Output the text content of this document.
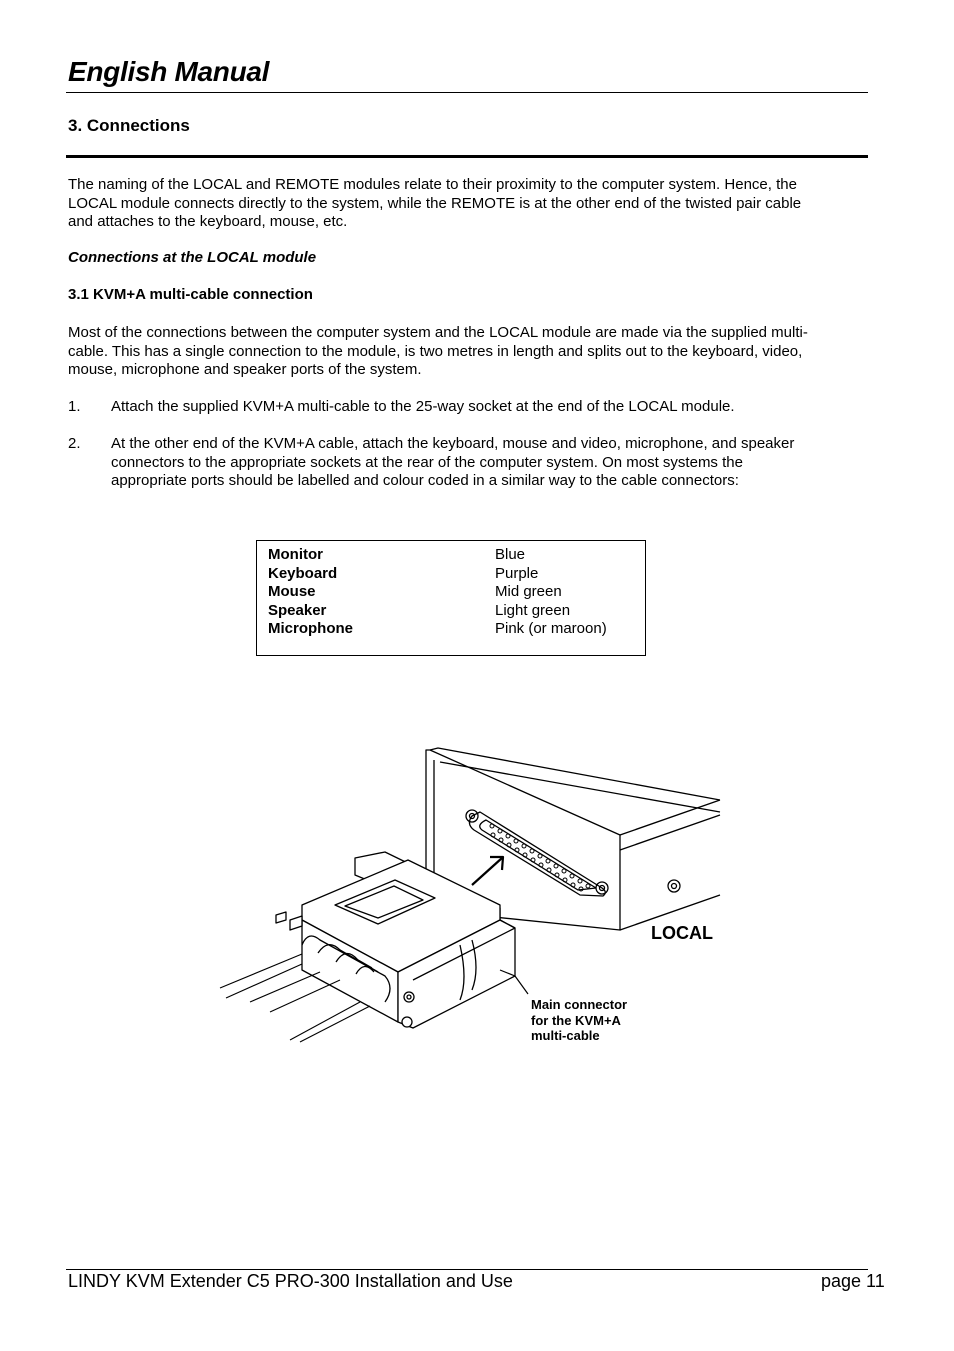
English Manual
3. Connections
The naming of the LOCAL and REMOTE modules relate to their proximity to the computer system. Hence, the
LOCAL module connects directly to the system, while the REMOTE is at the other end of the twisted pair cable
and attaches to the keyboard, mouse, etc.
Connections at the LOCAL module
3.1 KVM+A multi-cable connection
Most of the connections between the computer system and the LOCAL module are made via the supplied multi-
cable. This has a single connection to the module, is two metres in length and splits out to the keyboard, video,
mouse, microphone and speaker ports of the system.
1. Attach the supplied KVM+A multi-cable to the 25-way socket at the end of the LOCAL module.
2. At the other end of the KVM+A cable, attach the keyboard, mouse and video, microphone, and speaker
connectors to the appropriate sockets at the rear of the computer system. On most systems the
appropriate ports should be labelled and colour coded in a similar way to the cable connectors:
Monitor	Blue
Keyboard	Purple
Mouse	Mid green
Speaker	Light green
Microphone	Pink (or maroon)
LOCAL
Main connector
for the KVM+A
multi-cable
LINDY KVM Extender C5 PRO-300 Installation and Use	page 11
